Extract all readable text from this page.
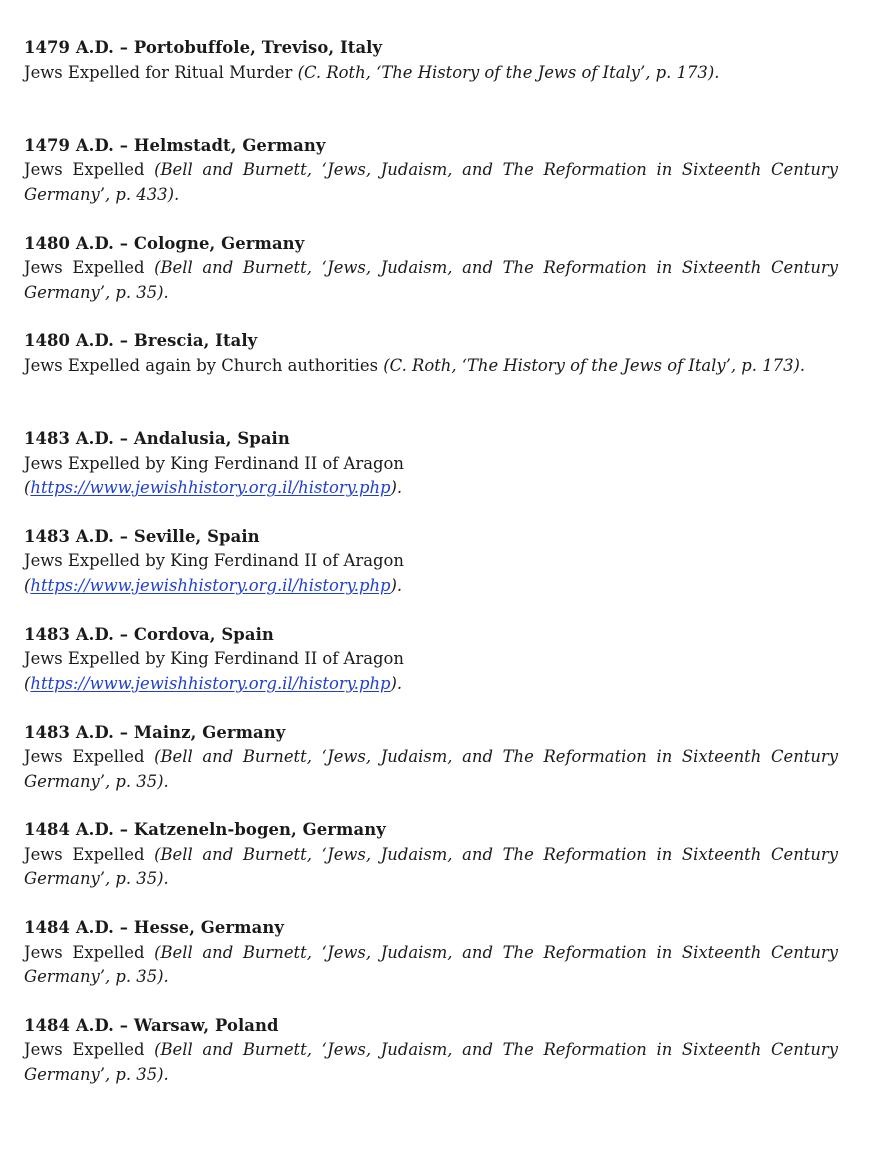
1479 A.D. – Portobuffole, Treviso, Italy

Jews Expelled for Ritual Murder (C. Roth, ‘The History of the Jews of Italy’, p. 173).

1479 A.D. – Helmstadt, Germany

Jews Expelled (Bell and Burnett, ‘Jews, Judaism, and The Reformation in Sixteenth Century Germany’, p. 433).

1480 A.D. – Cologne, Germany

Jews Expelled (Bell and Burnett, ‘Jews, Judaism, and The Reformation in Sixteenth Century Germany’, p. 35).

1480 A.D. – Brescia, Italy

Jews Expelled again by Church authorities (C. Roth, ‘The History of the Jews of Italy’, p. 173).

1483 A.D. – Andalusia, Spain

Jews Expelled by King Ferdinand II of Aragon
(https://www.jewishhistory.org.il/history.php).

1483 A.D. – Seville, Spain

Jews Expelled by King Ferdinand II of Aragon
(https://www.jewishhistory.org.il/history.php).

1483 A.D. – Cordova, Spain

Jews Expelled by King Ferdinand II of Aragon
(https://www.jewishhistory.org.il/history.php).

1483 A.D. – Mainz, Germany

Jews Expelled (Bell and Burnett, ‘Jews, Judaism, and The Reformation in Sixteenth Century Germany’, p. 35).

1484 A.D. – Katzeneln-bogen, Germany

Jews Expelled (Bell and Burnett, ‘Jews, Judaism, and The Reformation in Sixteenth Century Germany’, p. 35).

1484 A.D. – Hesse, Germany

Jews Expelled (Bell and Burnett, ‘Jews, Judaism, and The Reformation in Sixteenth Century Germany’, p. 35).

1484 A.D. – Warsaw, Poland

Jews Expelled (Bell and Burnett, ‘Jews, Judaism, and The Reformation in Sixteenth Century Germany’, p. 35).
